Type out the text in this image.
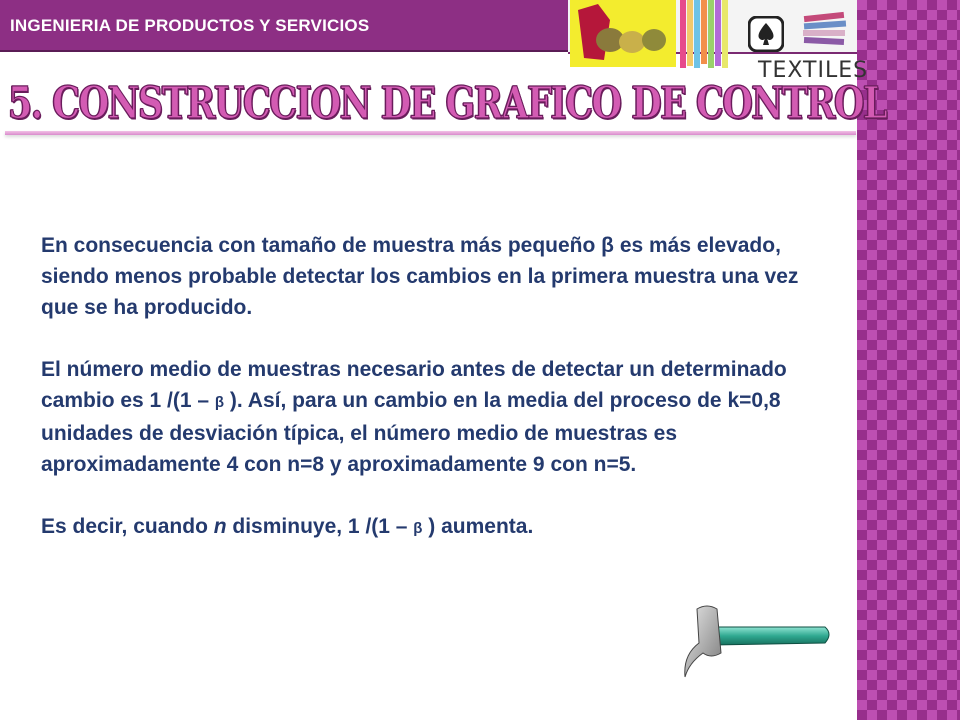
INGENIERIA DE PRODUCTOS Y SERVICIOS
TEXTILES
5. CONSTRUCCION DE GRAFICO DE CONTROL

En consecuencia con tamaño de muestra más pequeño β es más elevado, siendo menos probable detectar los cambios en la primera muestra una vez que se ha producido.

El número medio de muestras necesario antes de detectar un determinado cambio es 1 /(1 – β ). Así, para un cambio en la media del proceso de k=0,8 unidades de desviación típica, el número medio de muestras es aproximadamente 4 con n=8 y aproximadamente 9 con n=5.

Es decir, cuando n disminuye, 1 /(1 – β ) aumenta.
